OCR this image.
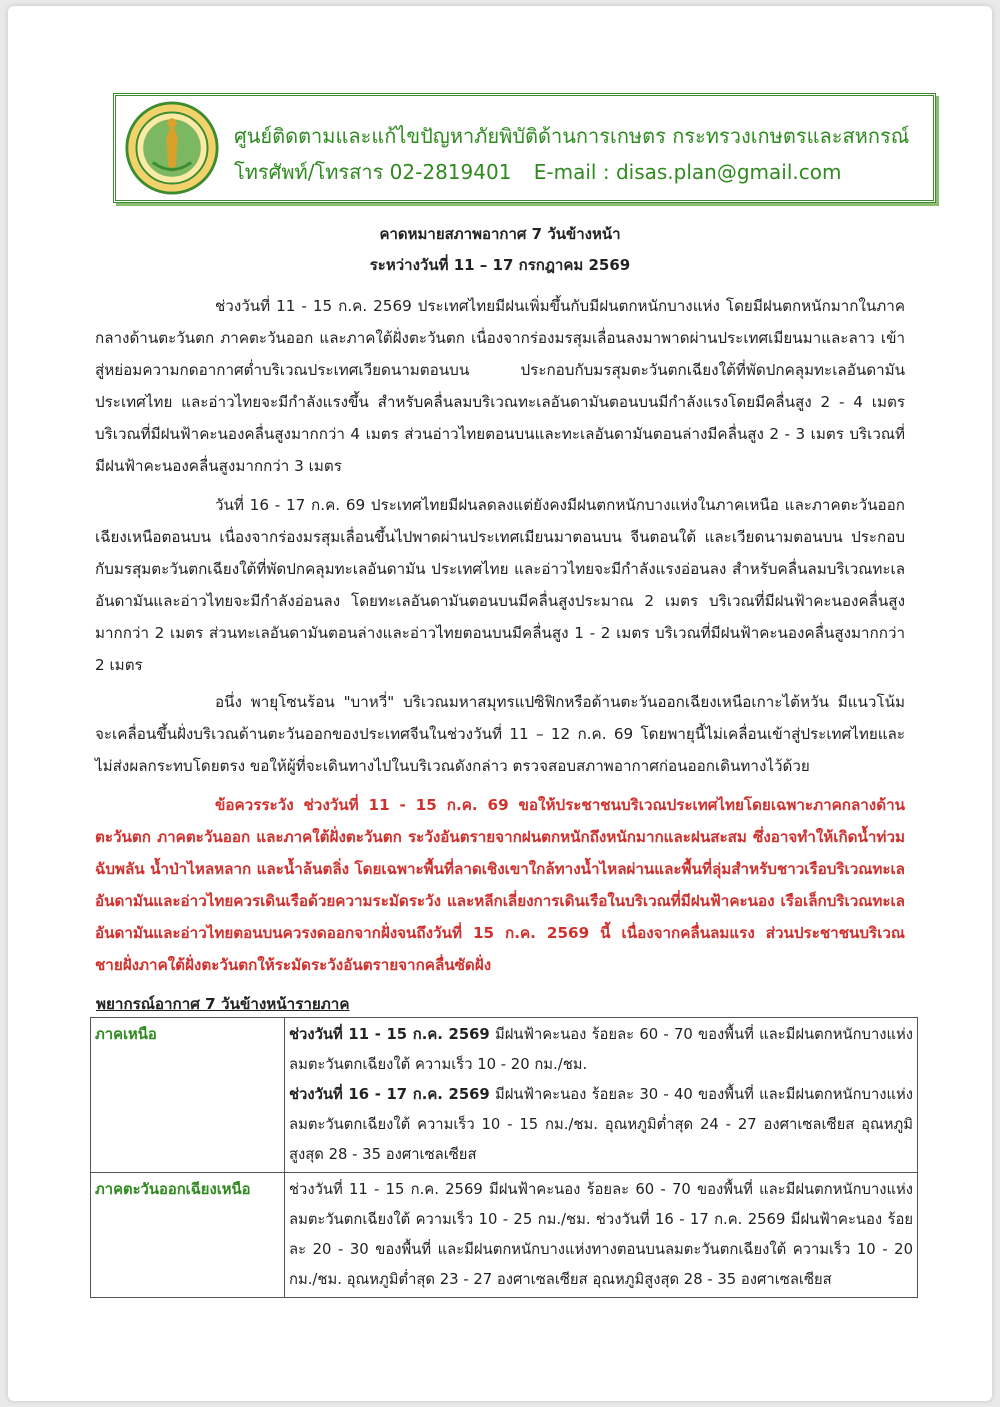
ศูนย์ติดตามและแก้ไขปัญหาภัยพิบัติด้านการเกษตร กระทรวงเกษตรและสหกรณ์
โทรศัพท์/โทรสาร 02-2819401 E-mail : disas.plan@gmail.com
คาดหมายสภาพอากาศ 7 วันข้างหน้า
ระหว่างวันที่ 11 – 17 กรกฎาคม 2569

ช่วงวันที่ 11 - 15 ก.ค. 2569 ประเทศไทยมีฝนเพิ่มขึ้นกับมีฝนตกหนักบางแห่ง โดยมีฝนตกหนักมากในภาคกลางด้านตะวันตก ภาคตะวันออก และภาคใต้ฝั่งตะวันตก เนื่องจากร่องมรสุมเลื่อนลงมาพาดผ่านประเทศเมียนมาและลาว เข้าสู่หย่อมความกดอากาศต่ำบริเวณประเทศเวียดนามตอนบน ประกอบกับมรสุมตะวันตกเฉียงใต้ที่พัดปกคลุมทะเลอันดามัน ประเทศไทย และอ่าวไทยจะมีกำลังแรงขึ้น สำหรับคลื่นลมบริเวณทะเลอันดามันตอนบนมีกำลังแรงโดยมีคลื่นสูง 2 - 4 เมตร บริเวณที่มีฝนฟ้าคะนองคลื่นสูงมากกว่า 4 เมตร ส่วนอ่าวไทยตอนบนและทะเลอันดามันตอนล่างมีคลื่นสูง 2 - 3 เมตร บริเวณที่มีฝนฟ้าคะนองคลื่นสูงมากกว่า 3 เมตร

วันที่ 16 - 17 ก.ค. 69 ประเทศไทยมีฝนลดลงแต่ยังคงมีฝนตกหนักบางแห่งในภาคเหนือ และภาคตะวันออกเฉียงเหนือตอนบน เนื่องจากร่องมรสุมเลื่อนขึ้นไปพาดผ่านประเทศเมียนมาตอนบน จีนตอนใต้ และเวียดนามตอนบน ประกอบกับมรสุมตะวันตกเฉียงใต้ที่พัดปกคลุมทะเลอันดามัน ประเทศไทย และอ่าวไทยจะมีกำลังแรงอ่อนลง สำหรับคลื่นลมบริเวณทะเลอันดามันและอ่าวไทยจะมีกำลังอ่อนลง โดยทะเลอันดามันตอนบนมีคลื่นสูงประมาณ 2 เมตร บริเวณที่มีฝนฟ้าคะนองคลื่นสูงมากกว่า 2 เมตร ส่วนทะเลอันดามันตอนล่างและอ่าวไทยตอนบนมีคลื่นสูง 1 - 2 เมตร บริเวณที่มีฝนฟ้าคะนองคลื่นสูงมากกว่า 2 เมตร

อนึ่ง พายุโซนร้อน "บาหวี่" บริเวณมหาสมุทรแปซิฟิกหรือด้านตะวันออกเฉียงเหนือเกาะไต้หวัน มีแนวโน้มจะเคลื่อนขึ้นฝั่งบริเวณด้านตะวันออกของประเทศจีนในช่วงวันที่ 11 – 12 ก.ค. 69 โดยพายุนี้ไม่เคลื่อนเข้าสู่ประเทศไทยและไม่ส่งผลกระทบโดยตรง ขอให้ผู้ที่จะเดินทางไปในบริเวณดังกล่าว ตรวจสอบสภาพอากาศก่อนออกเดินทางไว้ด้วย

ข้อควรระวัง ช่วงวันที่ 11 - 15 ก.ค. 69 ขอให้ประชาชนบริเวณประเทศไทยโดยเฉพาะภาคกลางด้านตะวันตก ภาคตะวันออก และภาคใต้ฝั่งตะวันตก ระวังอันตรายจากฝนตกหนักถึงหนักมากและฝนสะสม ซึ่งอาจทำให้เกิดน้ำท่วมฉับพลัน น้ำป่าไหลหลาก และน้ำล้นตลิ่ง โดยเฉพาะพื้นที่ลาดเชิงเขาใกล้ทางน้ำไหลผ่านและพื้นที่ลุ่มสำหรับชาวเรือบริเวณทะเลอันดามันและอ่าวไทยควรเดินเรือด้วยความระมัดระวัง และหลีกเลี่ยงการเดินเรือในบริเวณที่มีฝนฟ้าคะนอง เรือเล็กบริเวณทะเลอันดามันและอ่าวไทยตอนบนควรงดออกจากฝั่งจนถึงวันที่ 15 ก.ค. 2569 นี้ เนื่องจากคลื่นลมแรง ส่วนประชาชนบริเวณชายฝั่งภาคใต้ฝั่งตะวันตกให้ระมัดระวังอันตรายจากคลื่นซัดฝั่ง

พยากรณ์อากาศ 7 วันข้างหน้ารายภาค
ภาคเหนือ	ช่วงวันที่ 11 - 15 ก.ค. 2569 มีฝนฟ้าคะนอง ร้อยละ 60 - 70 ของพื้นที่ และมีฝนตกหนักบางแห่ง ลมตะวันตกเฉียงใต้ ความเร็ว 10 - 20 กม./ชม.
ช่วงวันที่ 16 - 17 ก.ค. 2569 มีฝนฟ้าคะนอง ร้อยละ 30 - 40 ของพื้นที่ และมีฝนตกหนักบางแห่ง ลมตะวันตกเฉียงใต้ ความเร็ว 10 - 15 กม./ชม. อุณหภูมิต่ำสุด 24 - 27 องศาเซลเซียส อุณหภูมิสูงสุด 28 - 35 องศาเซลเซียส
ภาคตะวันออกเฉียงเหนือ	ช่วงวันที่ 11 - 15 ก.ค. 2569 มีฝนฟ้าคะนอง ร้อยละ 60 - 70 ของพื้นที่ และมีฝนตกหนักบางแห่ง ลมตะวันตกเฉียงใต้ ความเร็ว 10 - 25 กม./ชม. ช่วงวันที่ 16 - 17 ก.ค. 2569 มีฝนฟ้าคะนอง ร้อยละ 20 - 30 ของพื้นที่ และมีฝนตกหนักบางแห่งทางตอนบนลมตะวันตกเฉียงใต้ ความเร็ว 10 - 20 กม./ชม. อุณหภูมิต่ำสุด 23 - 27 องศาเซลเซียส อุณหภูมิสูงสุด 28 - 35 องศาเซลเซียส
